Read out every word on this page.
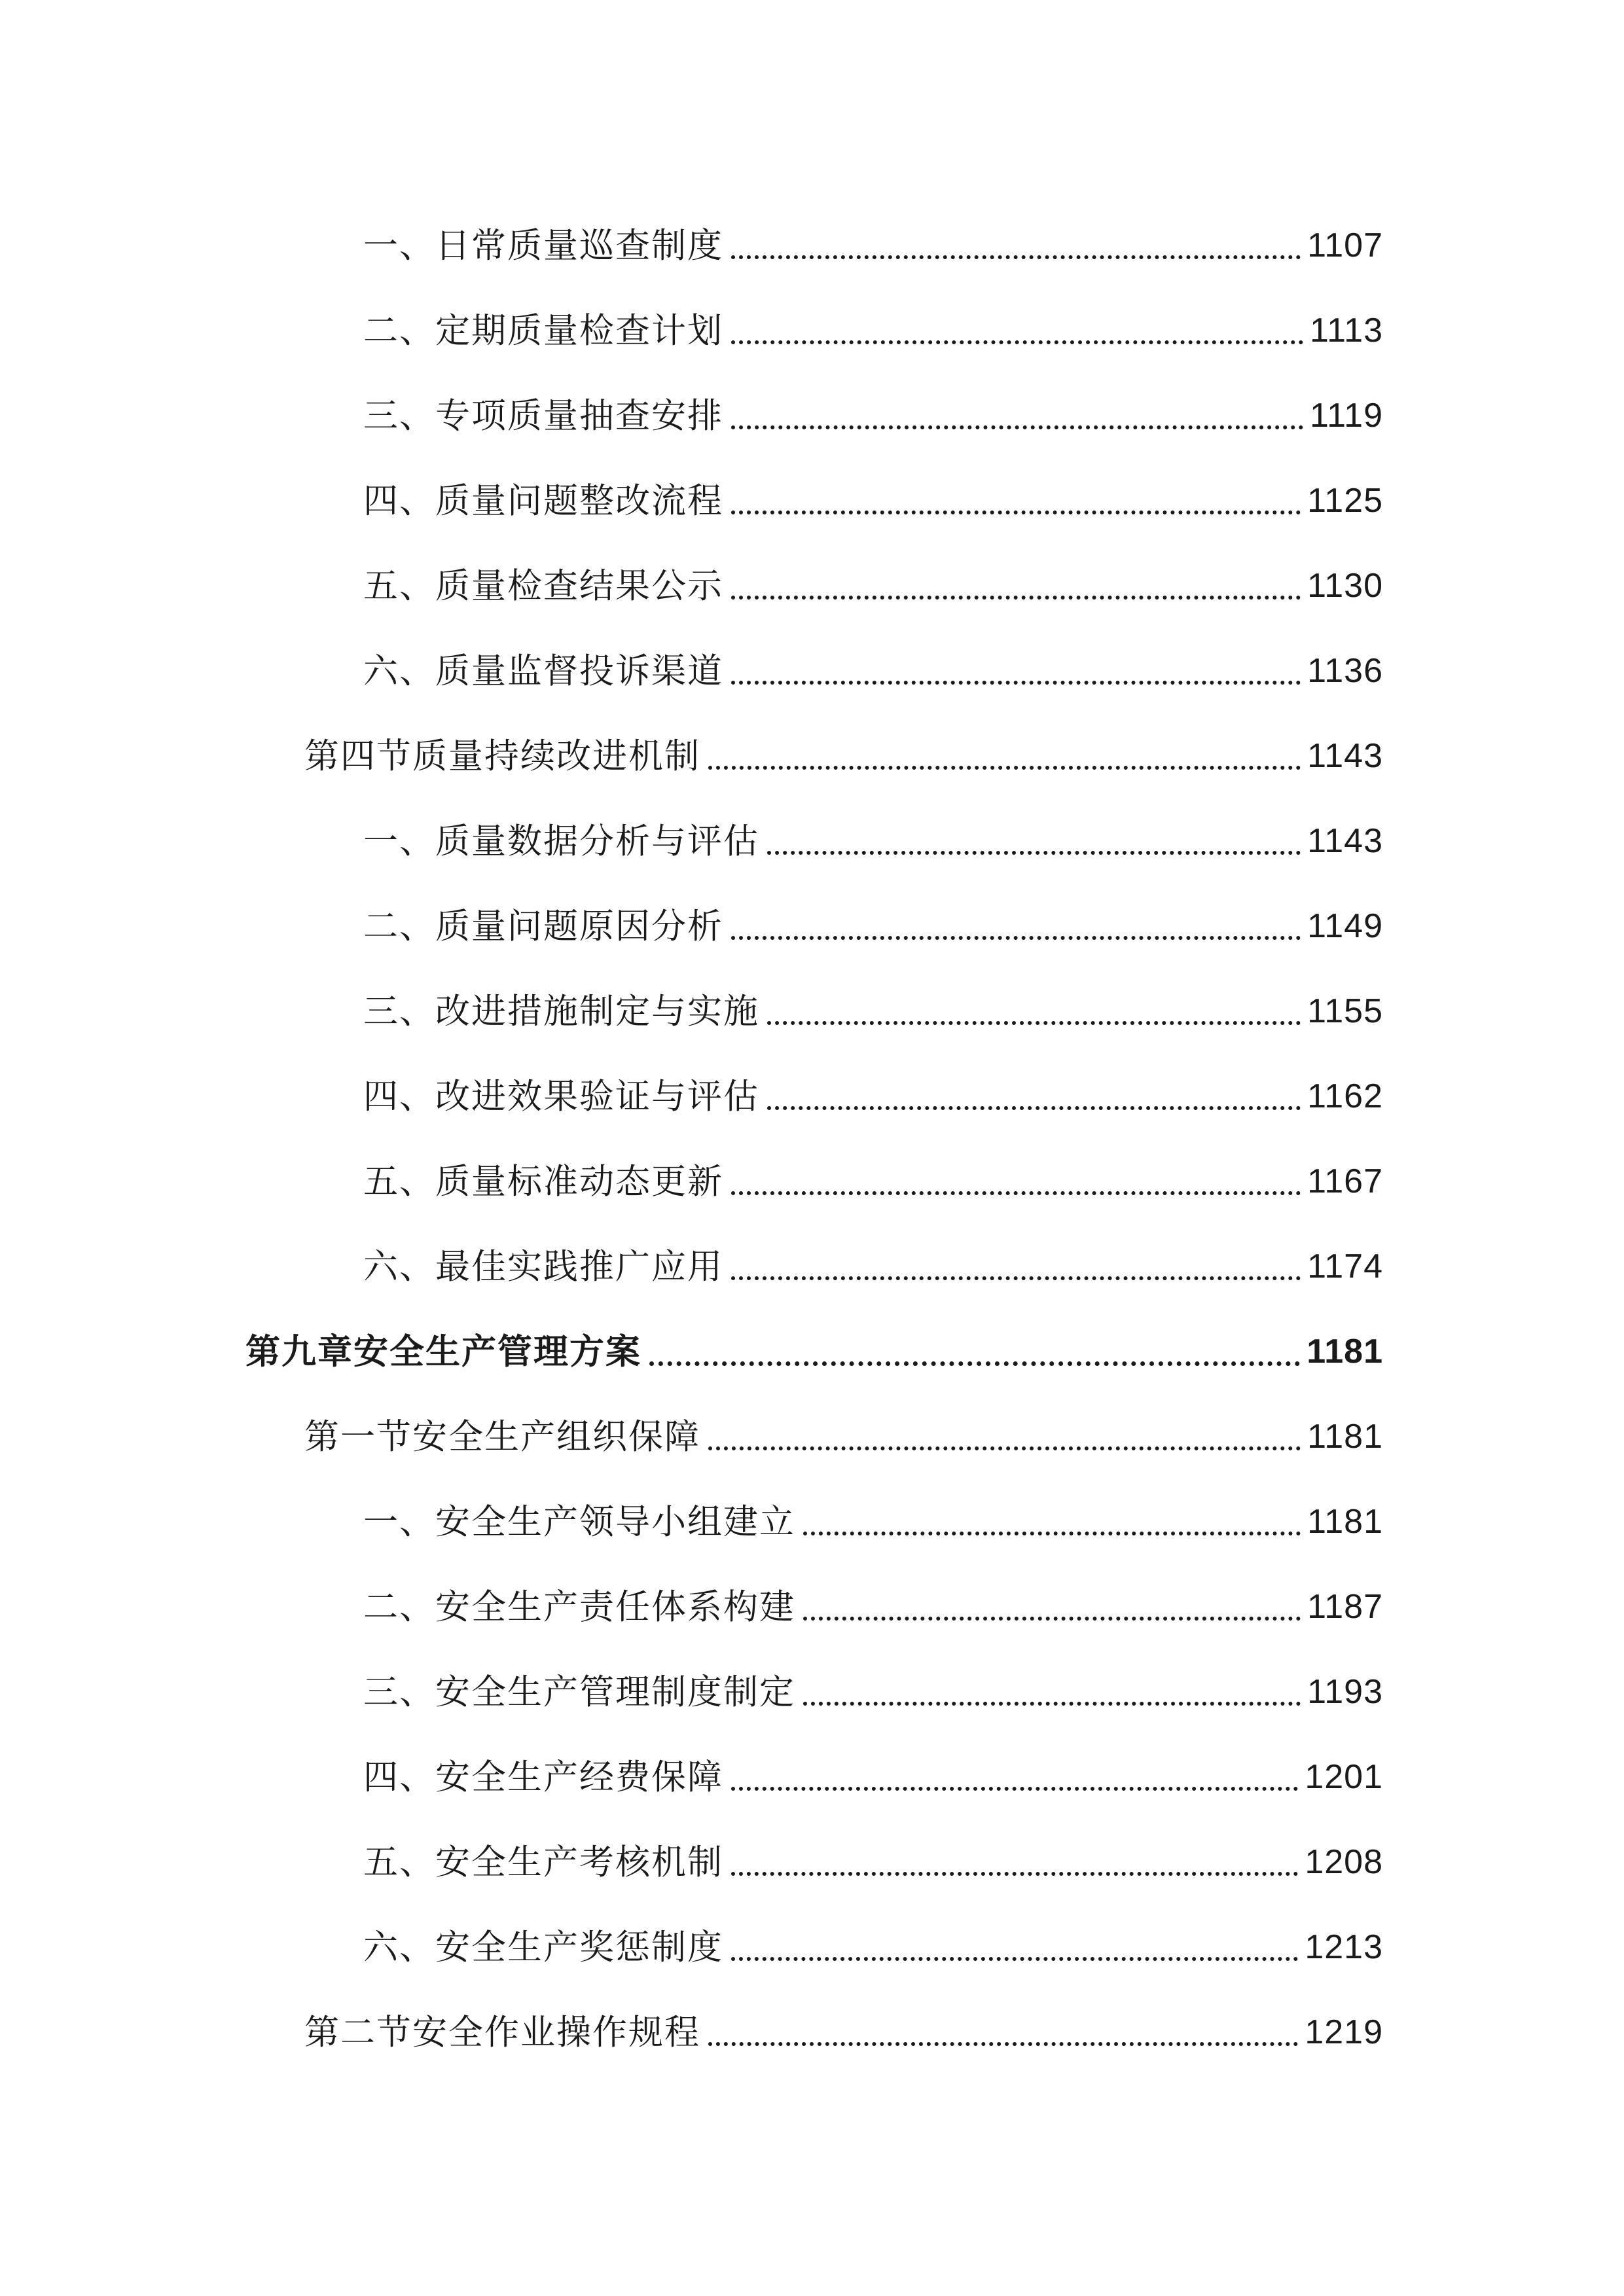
一、日常质量巡查制度	1107
二、定期质量检查计划	1113
三、专项质量抽查安排	1119
四、质量问题整改流程	1125
五、质量检查结果公示	1130
六、质量监督投诉渠道	1136
第四节质量持续改进机制	1143
一、质量数据分析与评估	1143
二、质量问题原因分析	1149
三、改进措施制定与实施	1155
四、改进效果验证与评估	1162
五、质量标准动态更新	1167
六、最佳实践推广应用	1174
第九章安全生产管理方案	1181
第一节安全生产组织保障	1181
一、安全生产领导小组建立	1181
二、安全生产责任体系构建	1187
三、安全生产管理制度制定	1193
四、安全生产经费保障	1201
五、安全生产考核机制	1208
六、安全生产奖惩制度	1213
第二节安全作业操作规程	1219
